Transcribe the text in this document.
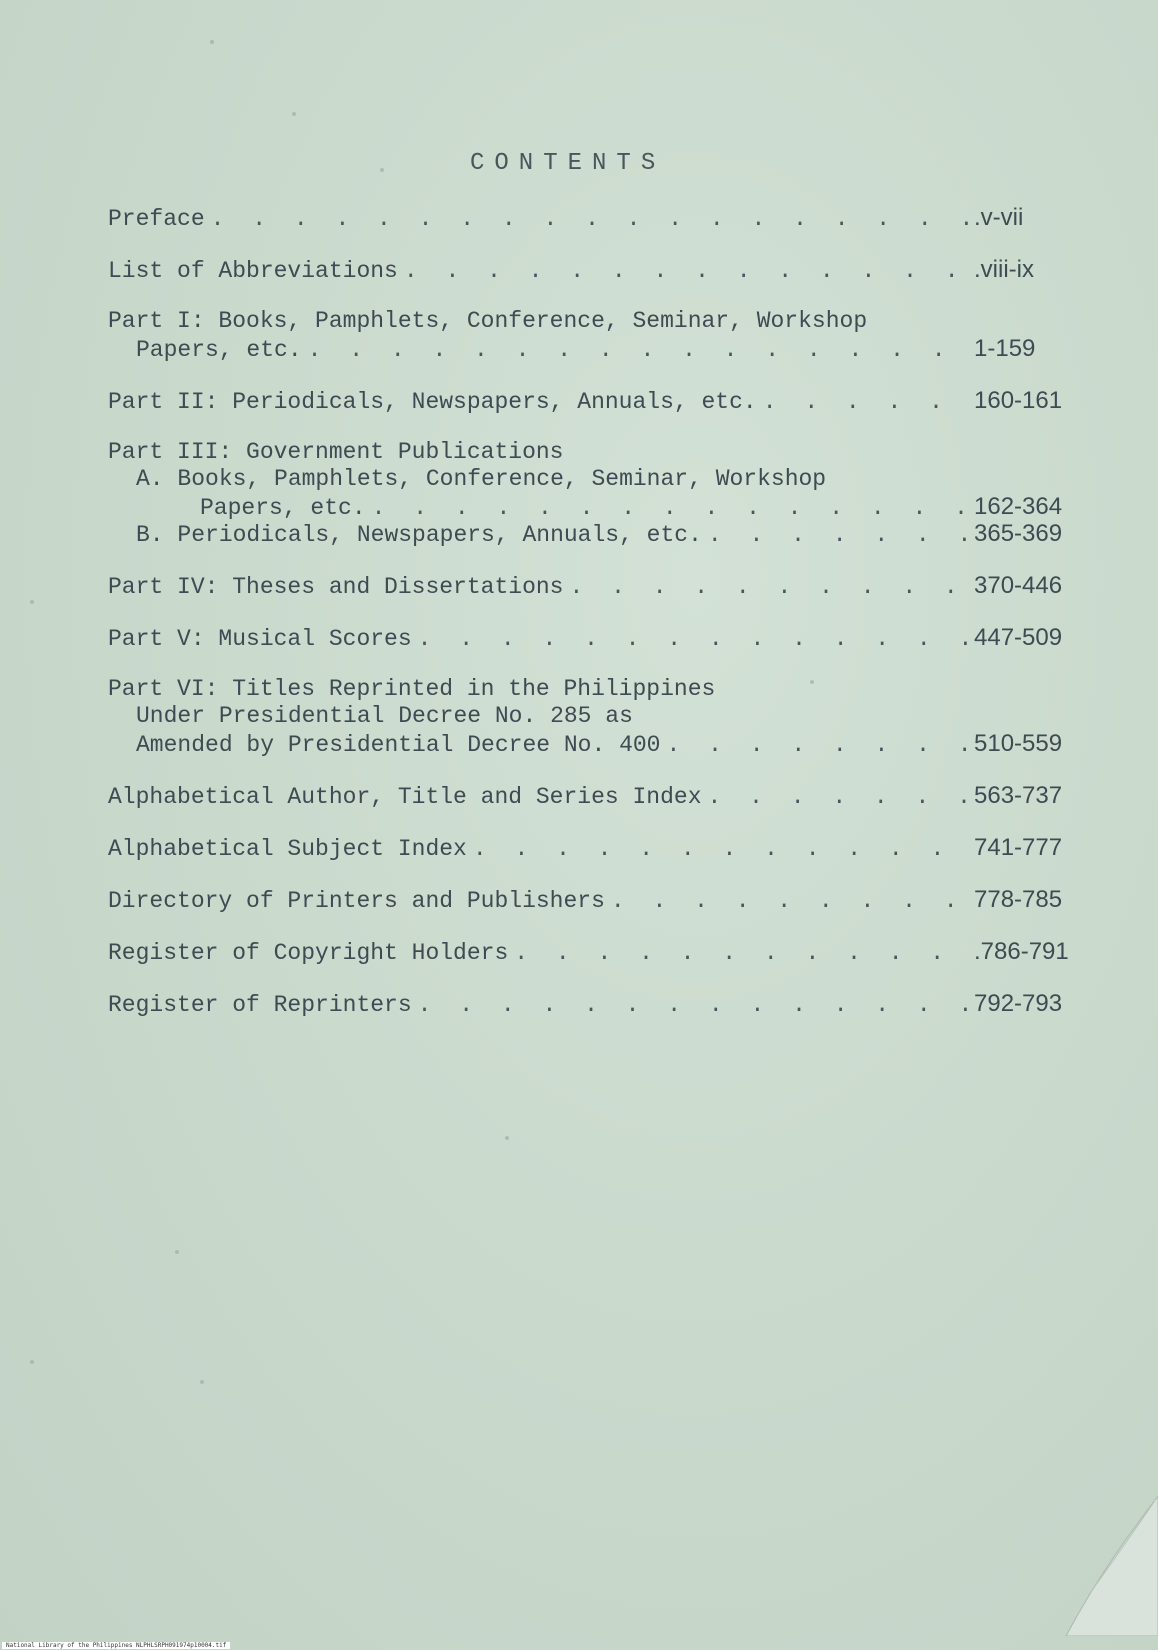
CONTENTS
Preface . . .	.v-vii
List of Abbreviations . . .	.viii-ix
Part I: Books, Pamphlets, Conference, Seminar, Workshop
Papers, etc. . . .	1-159
Part II: Periodicals, Newspapers, Annuals, etc. . . .	160-161
Part III: Government Publications
A. Books, Pamphlets, Conference, Seminar, Workshop
Papers, etc. . . .	162-364
B. Periodicals, Newspapers, Annuals, etc. . . .	365-369
Part IV: Theses and Dissertations . . .	370-446
Part V: Musical Scores . . .	447-509
Part VI: Titles Reprinted in the Philippines
Under Presidential Decree No. 285 as
Amended by Presidential Decree No. 400 . . .	510-559
Alphabetical Author, Title and Series Index . . .	563-737
Alphabetical Subject Index . . .	741-777
Directory of Printers and Publishers . . .	778-785
Register of Copyright Holders . . .	.786-791
Register of Reprinters . . .	792-793
National Library of the Philippines NLPHLSRPH091974p10004.tif
